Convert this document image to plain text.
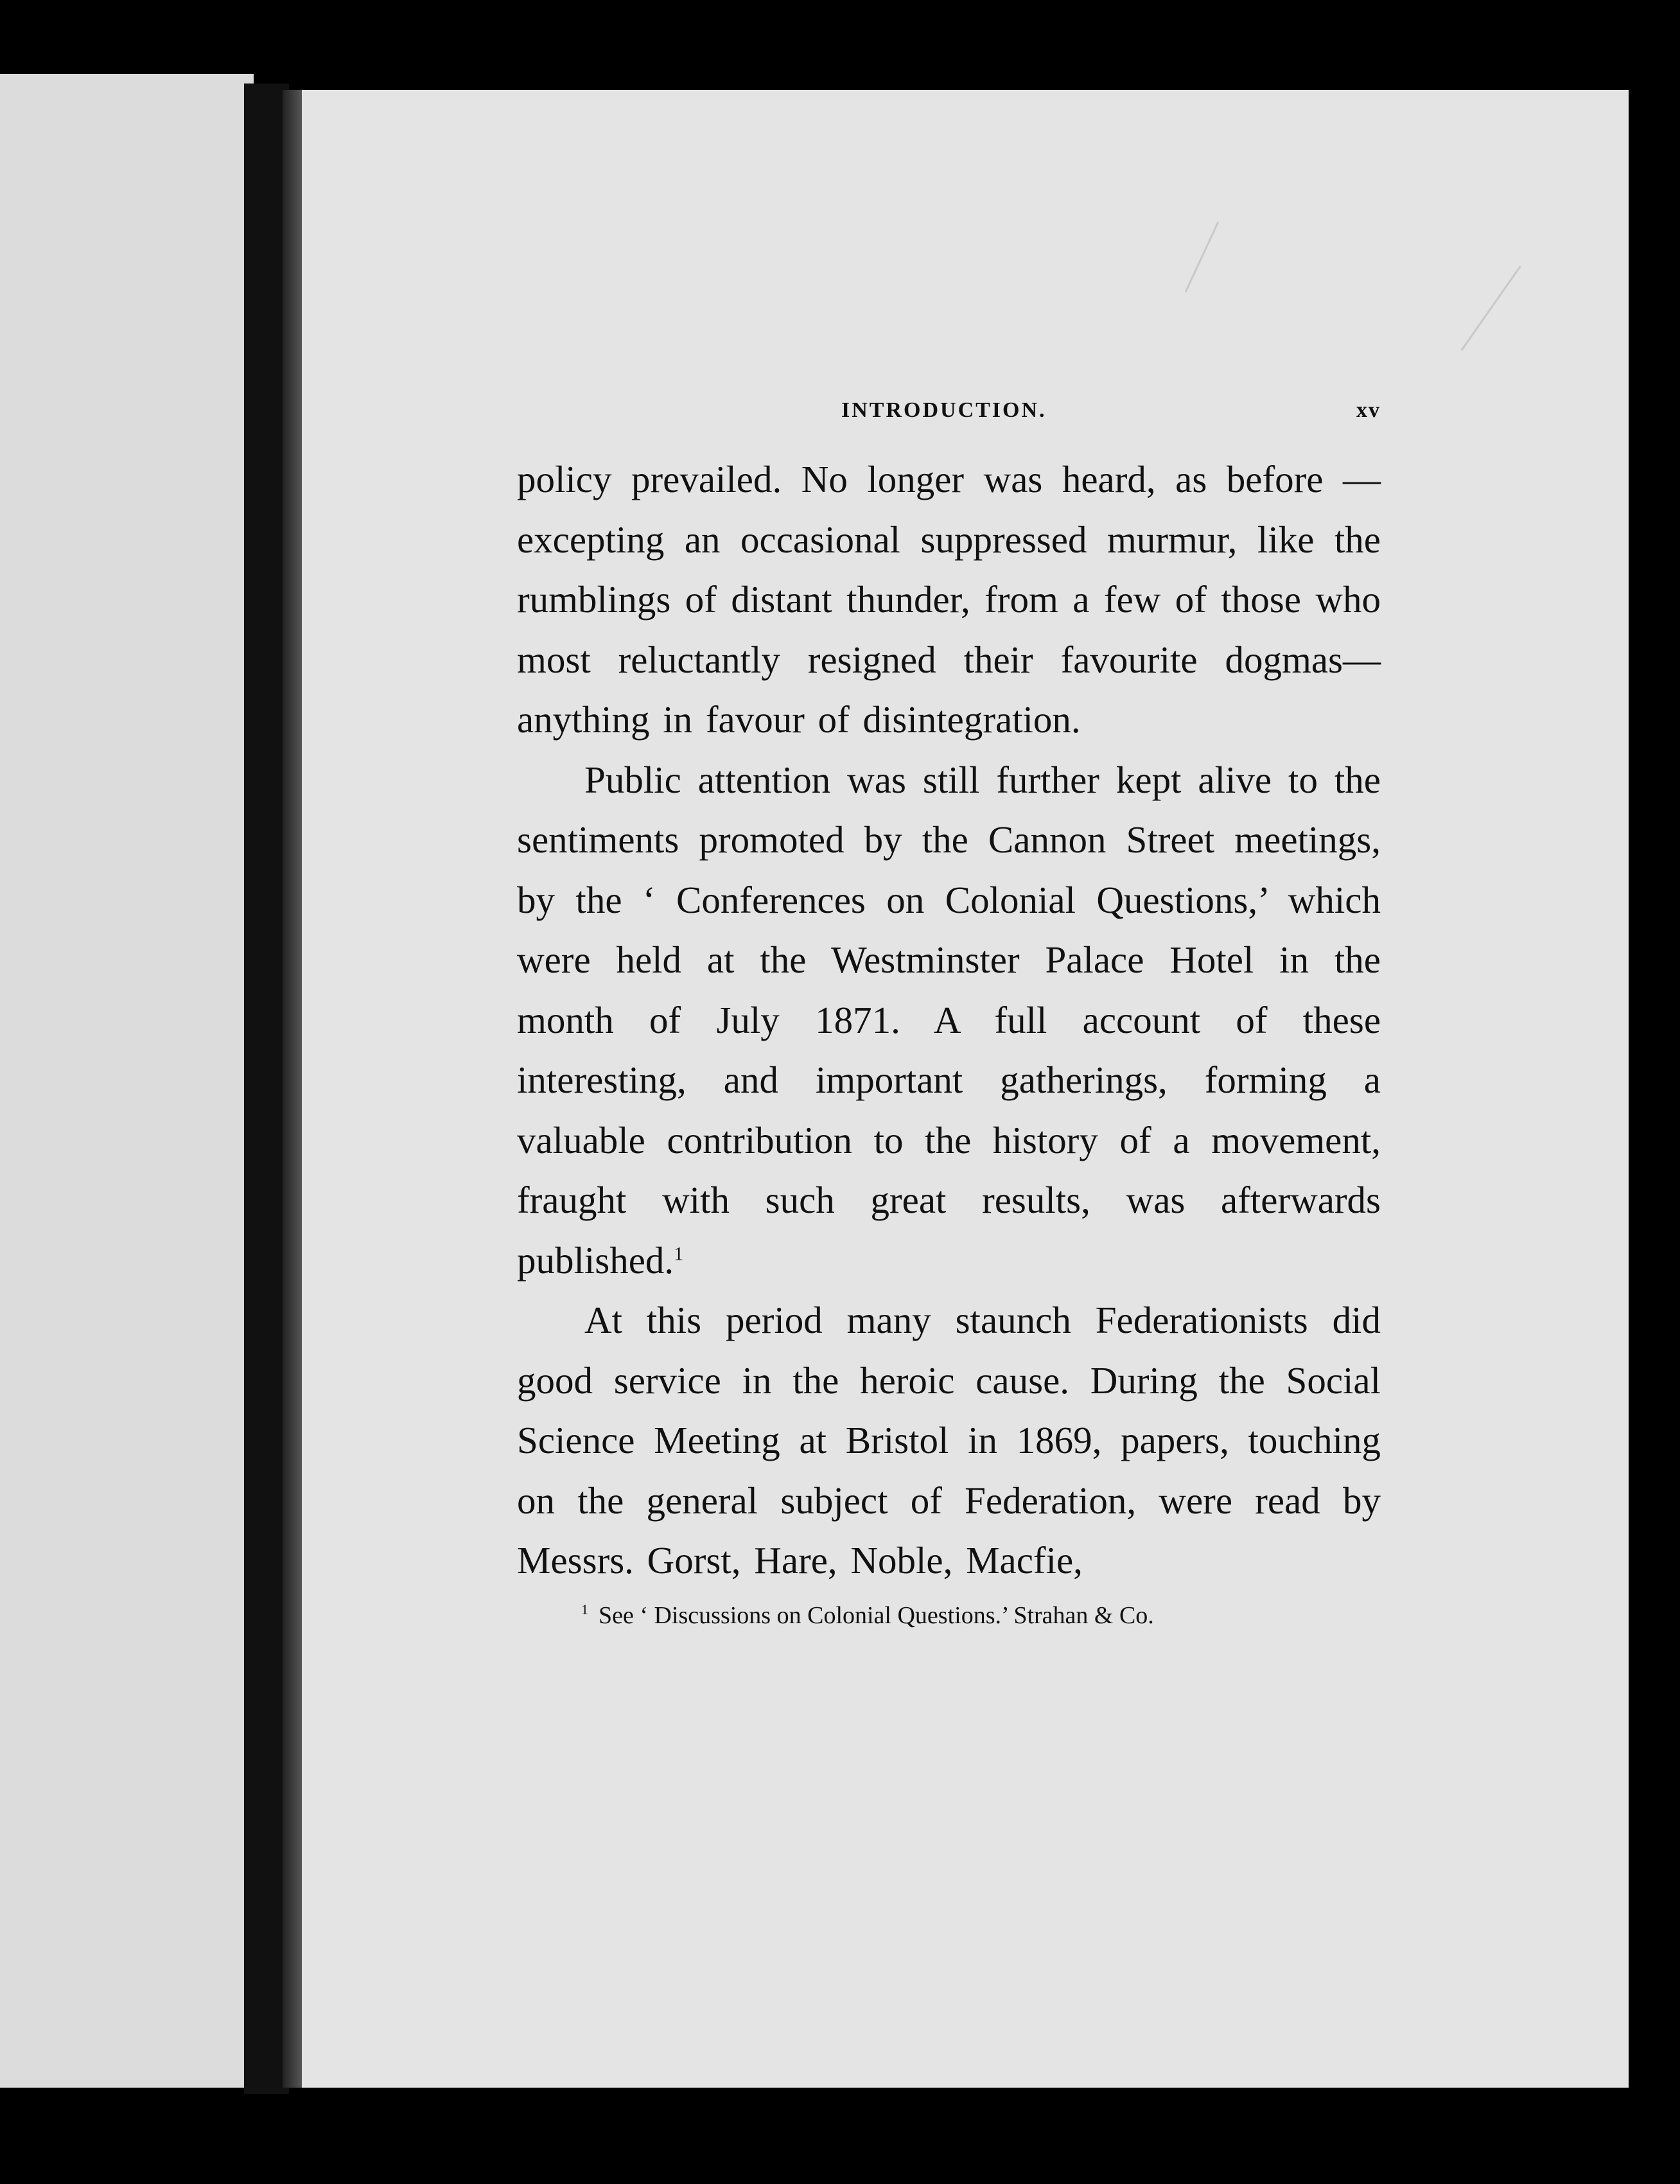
INTRODUCTION.	xv

policy prevailed. No longer was heard, as before —excepting an occasional suppressed murmur, like the rumblings of distant thunder, from a few of those who most reluctantly resigned their favourite dogmas—anything in favour of disintegration.

Public attention was still further kept alive to the sentiments promoted by the Cannon Street meetings, by the ‘ Conferences on Colonial Questions,’ which were held at the Westminster Palace Hotel in the month of July 1871. A full account of these interesting, and important gatherings, forming a valuable contribution to the history of a movement, fraught with such great results, was afterwards published.$^1$

At this period many staunch Federationists did good service in the heroic cause. During the Social Science Meeting at Bristol in 1869, papers, touching on the general subject of Federation, were read by Messrs. Gorst, Hare, Noble, Macfie,

$^1$ See ‘ Discussions on Colonial Questions.’ Strahan & Co.
